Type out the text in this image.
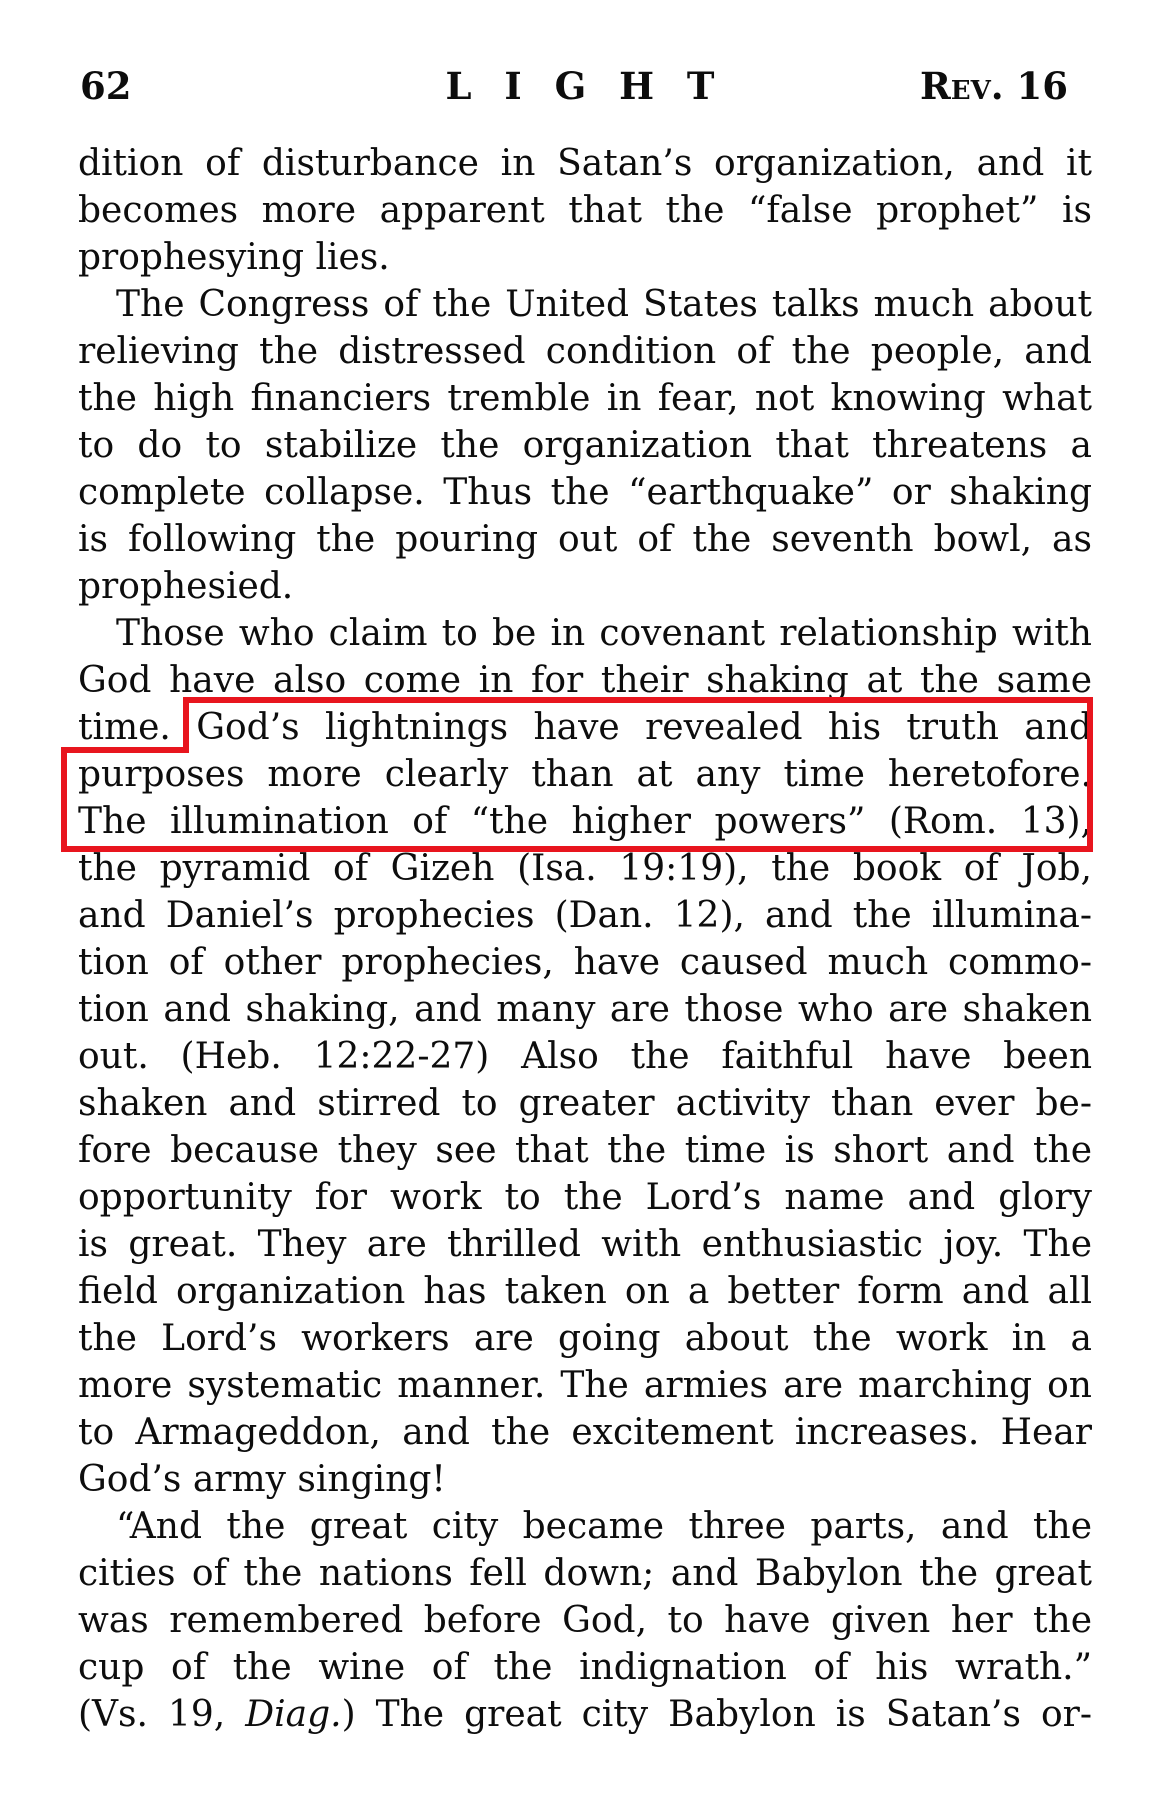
62	L I G H T	Rev. 16
dition of disturbance in Satan’s organization, and it
becomes more apparent that the “false prophet” is
prophesying lies.
The Congress of the United States talks much about
relieving the distressed condition of the people, and
the high financiers tremble in fear, not knowing what
to do to stabilize the organization that threatens a
complete collapse. Thus the “earthquake” or shaking
is following the pouring out of the seventh bowl, as
prophesied.
Those who claim to be in covenant relationship with
God have also come in for their shaking at the same
time. God’s lightnings have revealed his truth and
purposes more clearly than at any time heretofore.
The illumination of “the higher powers” (Rom. 13),
the pyramid of Gizeh (Isa. 19:19), the book of Job,
and Daniel’s prophecies (Dan. 12), and the illumina-
tion of other prophecies, have caused much commo-
tion and shaking, and many are those who are shaken
out. (Heb. 12:22-27) Also the faithful have been
shaken and stirred to greater activity than ever be-
fore because they see that the time is short and the
opportunity for work to the Lord’s name and glory
is great. They are thrilled with enthusiastic joy. The
field organization has taken on a better form and all
the Lord’s workers are going about the work in a
more systematic manner. The armies are marching on
to Armageddon, and the excitement increases. Hear
God’s army singing!
“And the great city became three parts, and the
cities of the nations fell down; and Babylon the great
was remembered before God, to have given her the
cup of the wine of the indignation of his wrath.”
(Vs. 19, Diag.) The great city Babylon is Satan’s or-
